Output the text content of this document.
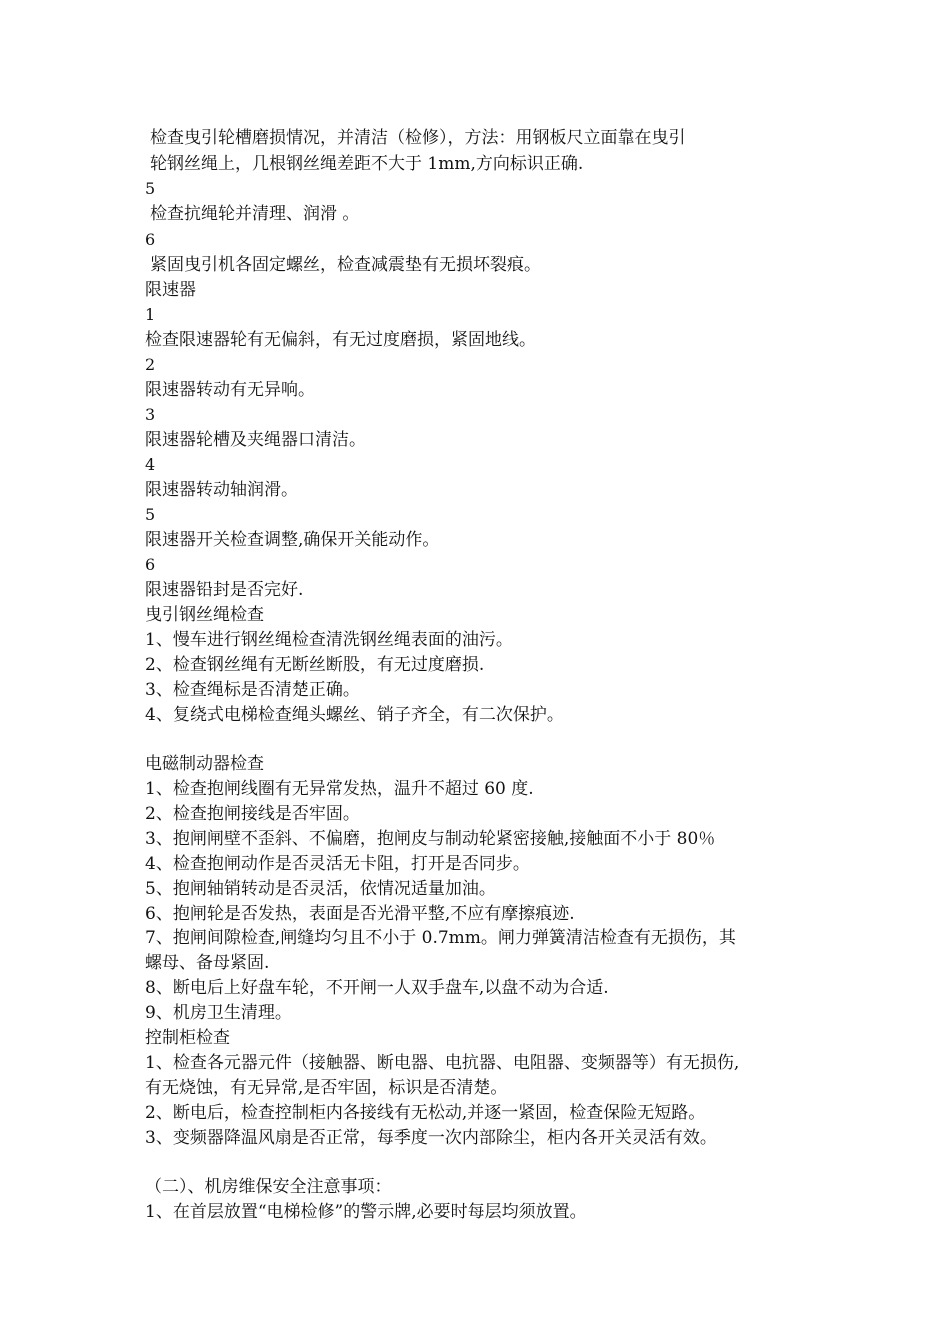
检查曳引轮槽磨损情况，并清洁（检修），方法：用钢板尺立面靠在曳引
轮钢丝绳上，几根钢丝绳差距不大于 1mm,方向标识正确.
5
检查抗绳轮并清理、润滑 。
6
紧固曳引机各固定螺丝，检查减震垫有无损坏裂痕。
限速器
1
检查限速器轮有无偏斜，有无过度磨损，紧固地线。
2
限速器转动有无异响。
3
限速器轮槽及夹绳器口清洁。
4
限速器转动轴润滑。
5
限速器开关检查调整,确保开关能动作。
6
限速器铅封是否完好.
曳引钢丝绳检查
1、慢车进行钢丝绳检查清洗钢丝绳表面的油污。
2、检查钢丝绳有无断丝断股，有无过度磨损.
3、检查绳标是否清楚正确。
4、复绕式电梯检查绳头螺丝、销子齐全，有二次保护。
电磁制动器检查
1、检查抱闸线圈有无异常发热，温升不超过 60 度.
2、检查抱闸接线是否牢固。
3、抱闸闸壁不歪斜、不偏磨，抱闸皮与制动轮紧密接触,接触面不小于 80％
4、检查抱闸动作是否灵活无卡阻，打开是否同步。
5、抱闸轴销转动是否灵活，依情况适量加油。
6、抱闸轮是否发热，表面是否光滑平整,不应有摩擦痕迹.
7、抱闸间隙检查,闸缝均匀且不小于 0.7mm。闸力弹簧清洁检查有无损伤，其
螺母、备母紧固.
8、断电后上好盘车轮，不开闸一人双手盘车,以盘不动为合适.
9、机房卫生清理。
控制柜检查
1、检查各元器元件（接触器、断电器、电抗器、电阻器、变频器等）有无损伤,
有无烧蚀，有无异常,是否牢固，标识是否清楚。
2、断电后，检查控制柜内各接线有无松动,并逐一紧固，检查保险无短路。
3、变频器降温风扇是否正常，每季度一次内部除尘，柜内各开关灵活有效。
（二）、机房维保安全注意事项：
1、在首层放置“电梯检修”的警示牌,必要时每层均须放置。
